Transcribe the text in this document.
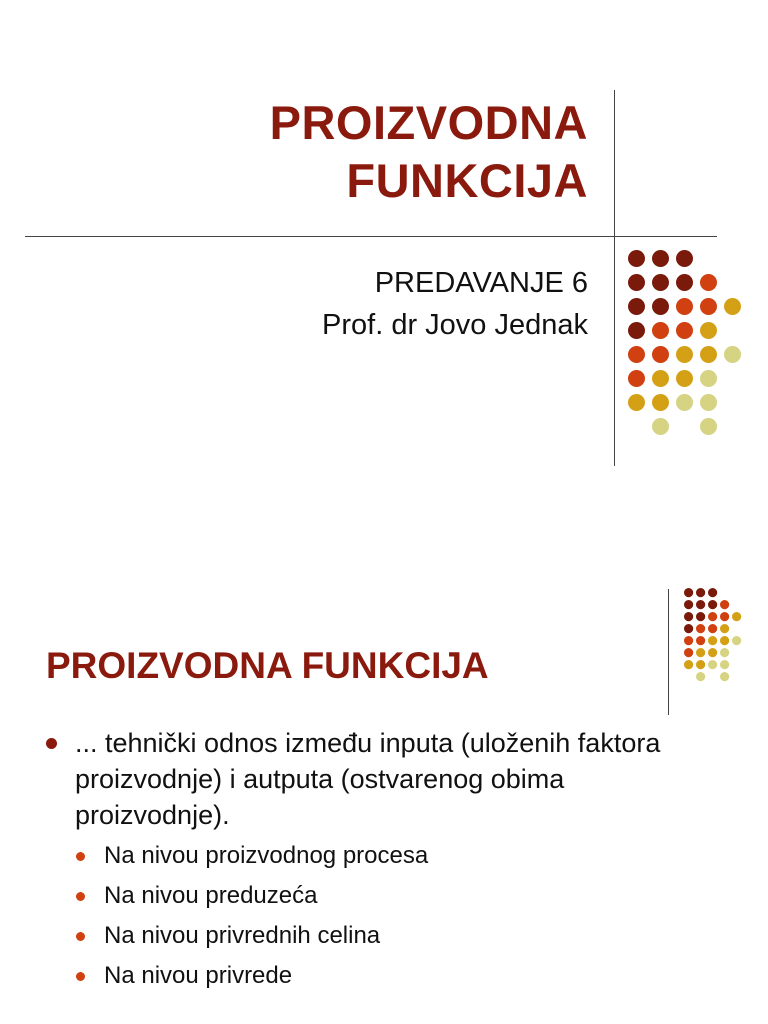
PROIZVODNA
FUNKCIJA
PREDAVANJE 6
Prof. dr Jovo Jednak
PROIZVODNA FUNKCIJA
... tehnički odnos između inputa (uloženih faktora proizvodnje) i autputa (ostvarenog obima proizvodnje).
Na nivou proizvodnog procesa
Na nivou preduzeća
Na nivou privrednih celina
Na nivou privrede
